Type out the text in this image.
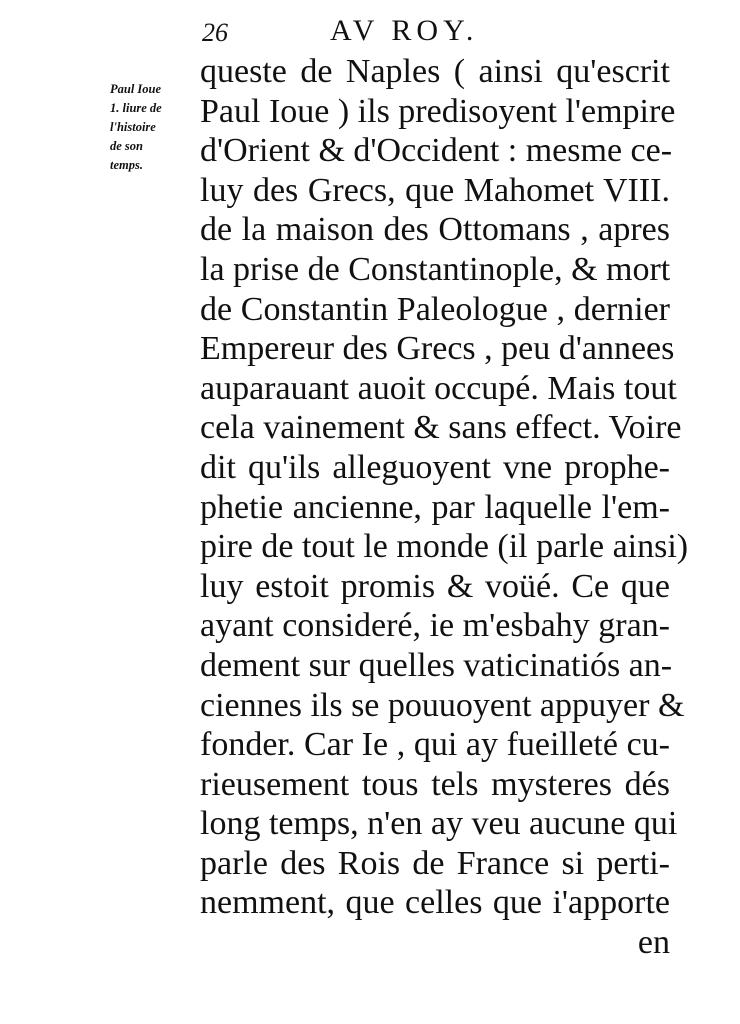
26	AV ROY.
Paul Ioue
1. liure de
l'histoire
de son
temps.
queste de Naples ( ainsi qu'escrit
Paul Ioue ) ils predisoyent l'empire
d'Orient & d'Occident : mesme ce-
luy des Grecs, que Mahomet VIII.
de la maison des Ottomans , apres
la prise de Constantinople, & mort
de Constantin Paleologue , dernier
Empereur des Grecs , peu d'annees
auparauant auoit occupé. Mais tout
cela vainement & sans effect. Voire
dit qu'ils alleguoyent vne prophe-
phetie ancienne, par laquelle l'em-
pire de tout le monde (il parle ainsi)
luy estoit promis & voüé. Ce que
ayant consideré, ie m'esbahy gran-
dement sur quelles vaticinatiós an-
ciennes ils se pouuoyent appuyer &
fonder. Car Ie , qui ay fueilleté cu-
rieusement tous tels mysteres dés
long temps, n'en ay veu aucune qui
parle des Rois de France si perti-
nemment, que celles que i'apporte
en
